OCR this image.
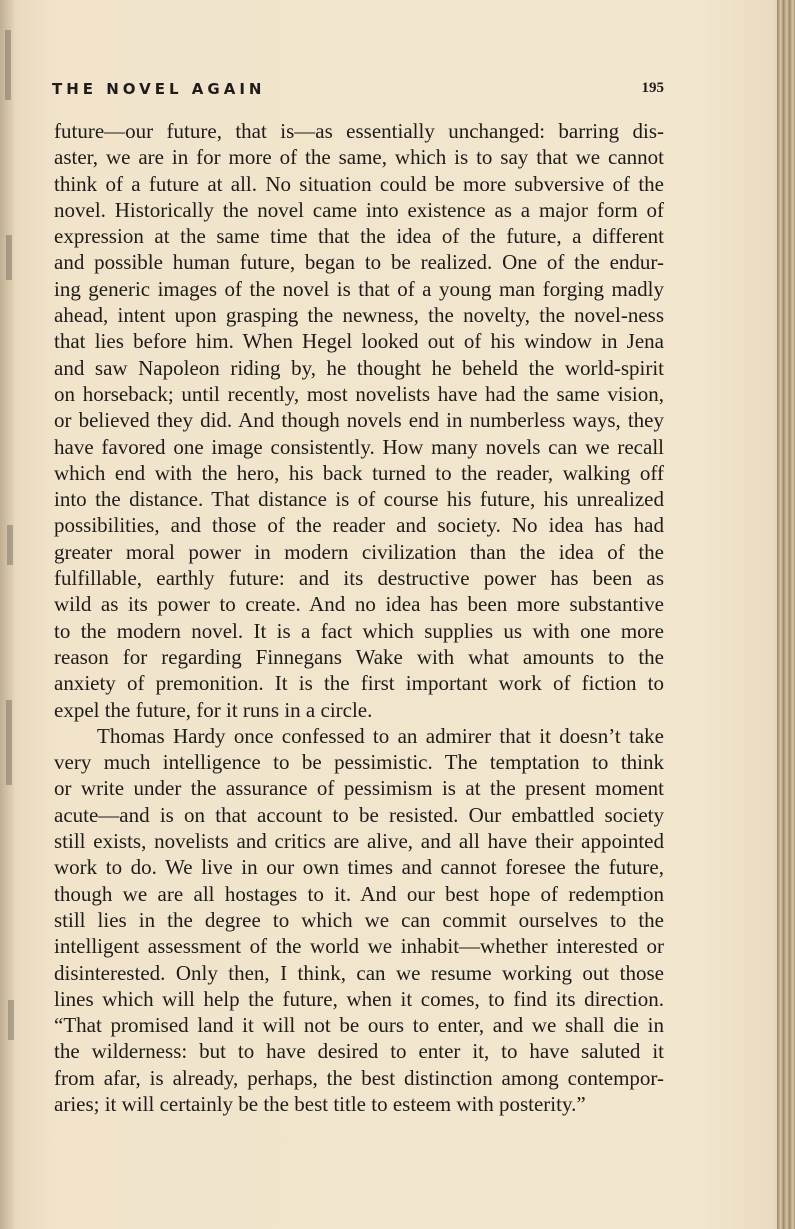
THE NOVEL AGAIN	195
future—our future, that is—as essentially unchanged: barring dis-
aster, we are in for more of the same, which is to say that we cannot
think of a future at all. No situation could be more subversive of the
novel. Historically the novel came into existence as a major form of
expression at the same time that the idea of the future, a different
and possible human future, began to be realized. One of the endur-
ing generic images of the novel is that of a young man forging madly
ahead, intent upon grasping the newness, the novelty, the novel-ness
that lies before him. When Hegel looked out of his window in Jena
and saw Napoleon riding by, he thought he beheld the world-spirit
on horseback; until recently, most novelists have had the same vision,
or believed they did. And though novels end in numberless ways, they
have favored one image consistently. How many novels can we recall
which end with the hero, his back turned to the reader, walking off
into the distance. That distance is of course his future, his unrealized
possibilities, and those of the reader and society. No idea has had
greater moral power in modern civilization than the idea of the
fulfillable, earthly future: and its destructive power has been as
wild as its power to create. And no idea has been more substantive
to the modern novel. It is a fact which supplies us with one more
reason for regarding Finnegans Wake with what amounts to the
anxiety of premonition. It is the first important work of fiction to
expel the future, for it runs in a circle.
Thomas Hardy once confessed to an admirer that it doesn’t take
very much intelligence to be pessimistic. The temptation to think
or write under the assurance of pessimism is at the present moment
acute—and is on that account to be resisted. Our embattled society
still exists, novelists and critics are alive, and all have their appointed
work to do. We live in our own times and cannot foresee the future,
though we are all hostages to it. And our best hope of redemption
still lies in the degree to which we can commit ourselves to the
intelligent assessment of the world we inhabit—whether interested or
disinterested. Only then, I think, can we resume working out those
lines which will help the future, when it comes, to find its direction.
“That promised land it will not be ours to enter, and we shall die in
the wilderness: but to have desired to enter it, to have saluted it
from afar, is already, perhaps, the best distinction among contempor-
aries; it will certainly be the best title to esteem with posterity.”
